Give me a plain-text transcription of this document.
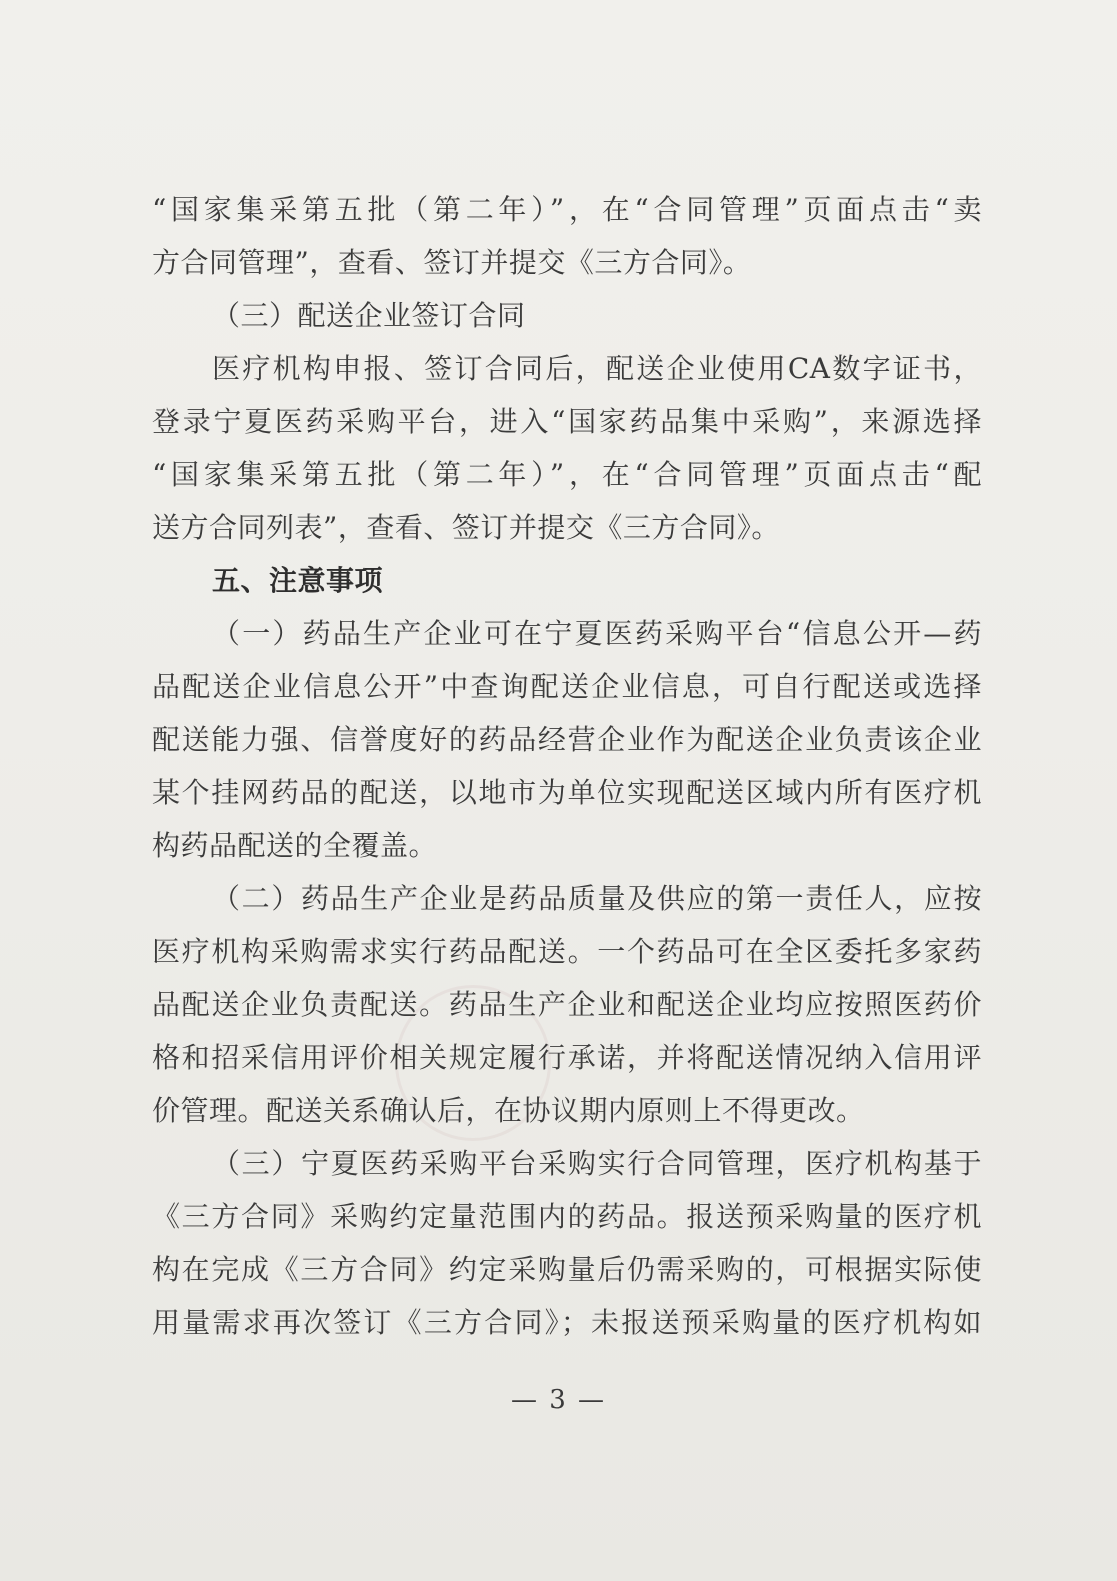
“国家集采第五批（第二年）”，在“合同管理”页面点击“卖
方合同管理”，查看、签订并提交《三方合同》。
（三）配送企业签订合同
医疗机构申报、签订合同后，配送企业使用CA数字证书，
登录宁夏医药采购平台，进入“国家药品集中采购”，来源选择
“国家集采第五批（第二年）”，在“合同管理”页面点击“配
送方合同列表”，查看、签订并提交《三方合同》。
五、注意事项
（一）药品生产企业可在宁夏医药采购平台“信息公开—药
品配送企业信息公开”中查询配送企业信息，可自行配送或选择
配送能力强、信誉度好的药品经营企业作为配送企业负责该企业
某个挂网药品的配送，以地市为单位实现配送区域内所有医疗机
构药品配送的全覆盖。
（二）药品生产企业是药品质量及供应的第一责任人，应按
医疗机构采购需求实行药品配送。一个药品可在全区委托多家药
品配送企业负责配送。药品生产企业和配送企业均应按照医药价
格和招采信用评价相关规定履行承诺，并将配送情况纳入信用评
价管理。配送关系确认后，在协议期内原则上不得更改。
（三）宁夏医药采购平台采购实行合同管理，医疗机构基于
《三方合同》采购约定量范围内的药品。报送预采购量的医疗机
构在完成《三方合同》约定采购量后仍需采购的，可根据实际使
用量需求再次签订《三方合同》；未报送预采购量的医疗机构如
— 3 —
